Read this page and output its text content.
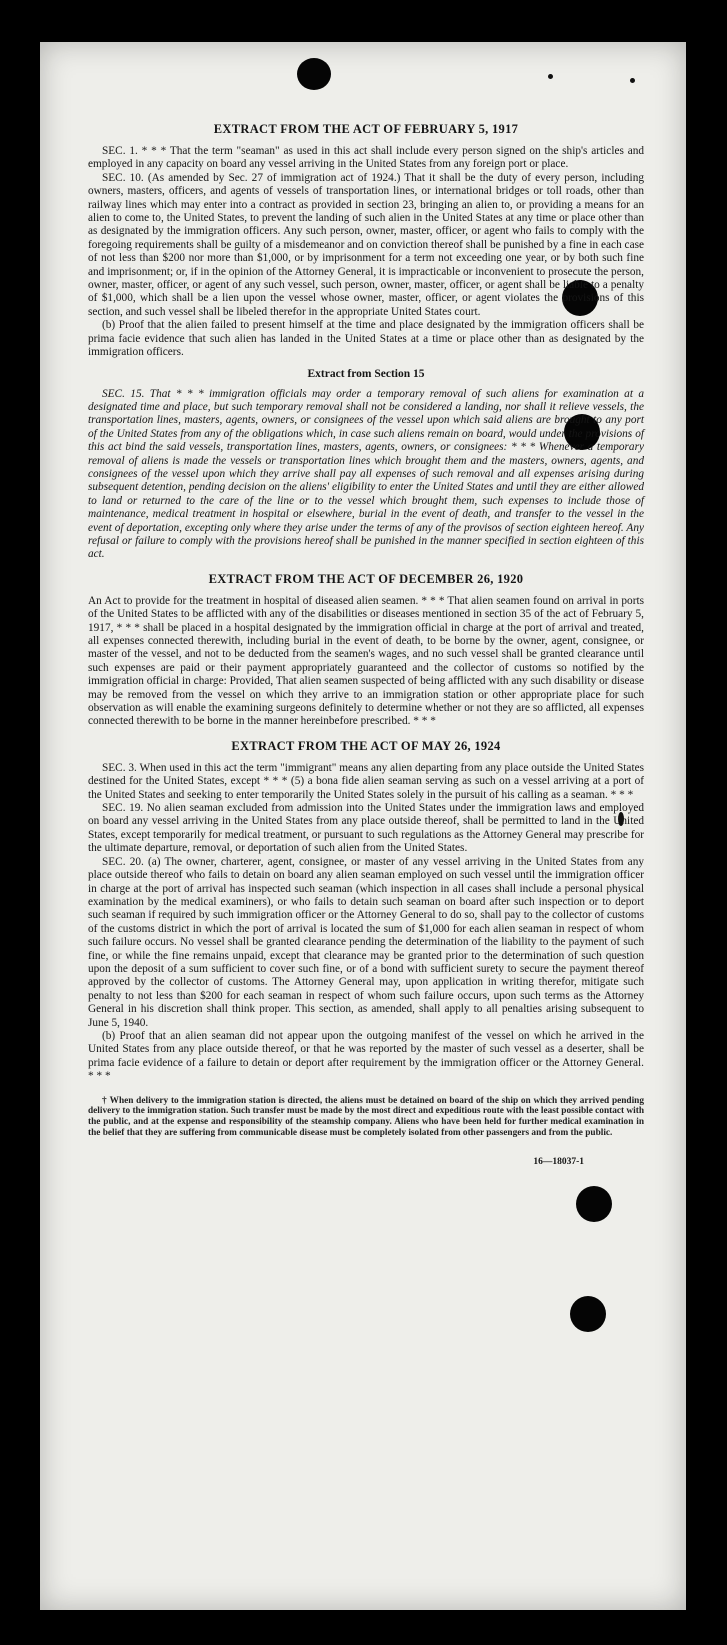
EXTRACT FROM THE ACT OF FEBRUARY 5, 1917

SEC. 1. * * * That the term "seaman" as used in this act shall include every person signed on the ship's articles and employed in any capacity on board any vessel arriving in the United States from any foreign port or place.

SEC. 10. (As amended by Sec. 27 of immigration act of 1924.) That it shall be the duty of every person, including owners, masters, officers, and agents of vessels of transportation lines, or international bridges or toll roads, other than railway lines which may enter into a contract as provided in section 23, bringing an alien to, or providing a means for an alien to come to, the United States, to prevent the landing of such alien in the United States at any time or place other than as designated by the immigration officers. Any such person, owner, master, officer, or agent who fails to comply with the foregoing requirements shall be guilty of a misdemeanor and on conviction thereof shall be punished by a fine in each case of not less than $200 nor more than $1,000, or by imprisonment for a term not exceeding one year, or by both such fine and imprisonment; or, if in the opinion of the Attorney General, it is impracticable or inconvenient to prosecute the person, owner, master, officer, or agent of any such vessel, such person, owner, master, officer, or agent shall be liable to a penalty of $1,000, which shall be a lien upon the vessel whose owner, master, officer, or agent violates the provisions of this section, and such vessel shall be libeled therefor in the appropriate United States court.

(b) Proof that the alien failed to present himself at the time and place designated by the immigration officers shall be prima facie evidence that such alien has landed in the United States at a time or place other than as designated by the immigration officers.

Extract from Section 15

SEC. 15. That * * * immigration officials may order a temporary removal of such aliens for examination at a designated time and place, but such temporary removal shall not be considered a landing, nor shall it relieve vessels, the transportation lines, masters, agents, owners, or consignees of the vessel upon which said aliens are brought to any port of the United States from any of the obligations which, in case such aliens remain on board, would under the provisions of this act bind the said vessels, transportation lines, masters, agents, owners, or consignees: * * * Whenever a temporary removal of aliens is made the vessels or transportation lines which brought them and the masters, owners, agents, and consignees of the vessel upon which they arrive shall pay all expenses of such removal and all expenses arising during subsequent detention, pending decision on the aliens' eligibility to enter the United States and until they are either allowed to land or returned to the care of the line or to the vessel which brought them, such expenses to include those of maintenance, medical treatment in hospital or elsewhere, burial in the event of death, and transfer to the vessel in the event of deportation, excepting only where they arise under the terms of any of the provisos of section eighteen hereof. Any refusal or failure to comply with the provisions hereof shall be punished in the manner specified in section eighteen of this act.

EXTRACT FROM THE ACT OF DECEMBER 26, 1920

An Act to provide for the treatment in hospital of diseased alien seamen. * * * That alien seamen found on arrival in ports of the United States to be afflicted with any of the disabilities or diseases mentioned in section 35 of the act of February 5, 1917, * * * shall be placed in a hospital designated by the immigration official in charge at the port of arrival and treated, all expenses connected therewith, including burial in the event of death, to be borne by the owner, agent, consignee, or master of the vessel, and not to be deducted from the seamen's wages, and no such vessel shall be granted clearance until such expenses are paid or their payment appropriately guaranteed and the collector of customs so notified by the immigration official in charge: Provided, That alien seamen suspected of being afflicted with any such disability or disease may be removed from the vessel on which they arrive to an immigration station or other appropriate place for such observation as will enable the examining surgeons definitely to determine whether or not they are so afflicted, all expenses connected therewith to be borne in the manner hereinbefore prescribed. * * *

EXTRACT FROM THE ACT OF MAY 26, 1924

SEC. 3. When used in this act the term "immigrant" means any alien departing from any place outside the United States destined for the United States, except * * * (5) a bona fide alien seaman serving as such on a vessel arriving at a port of the United States and seeking to enter temporarily the United States solely in the pursuit of his calling as a seaman. * * *

SEC. 19. No alien seaman excluded from admission into the United States under the immigration laws and employed on board any vessel arriving in the United States from any place outside thereof, shall be permitted to land in the United States, except temporarily for medical treatment, or pursuant to such regulations as the Attorney General may prescribe for the ultimate departure, removal, or deportation of such alien from the United States.

SEC. 20. (a) The owner, charterer, agent, consignee, or master of any vessel arriving in the United States from any place outside thereof who fails to detain on board any alien seaman employed on such vessel until the immigration officer in charge at the port of arrival has inspected such seaman (which inspection in all cases shall include a personal physical examination by the medical examiners), or who fails to detain such seaman on board after such inspection or to deport such seaman if required by such immigration officer or the Attorney General to do so, shall pay to the collector of customs of the customs district in which the port of arrival is located the sum of $1,000 for each alien seaman in respect of whom such failure occurs. No vessel shall be granted clearance pending the determination of the liability to the payment of such fine, or while the fine remains unpaid, except that clearance may be granted prior to the determination of such question upon the deposit of a sum sufficient to cover such fine, or of a bond with sufficient surety to secure the payment thereof approved by the collector of customs. The Attorney General may, upon application in writing therefor, mitigate such penalty to not less than $200 for each seaman in respect of whom such failure occurs, upon such terms as the Attorney General in his discretion shall think proper. This section, as amended, shall apply to all penalties arising subsequent to June 5, 1940.

(b) Proof that an alien seaman did not appear upon the outgoing manifest of the vessel on which he arrived in the United States from any place outside thereof, or that he was reported by the master of such vessel as a deserter, shall be prima facie evidence of a failure to detain or deport after requirement by the immigration officer or the Attorney General. * * *

† When delivery to the immigration station is directed, the aliens must be detained on board of the ship on which they arrived pending delivery to the immigration station. Such transfer must be made by the most direct and expeditious route with the least possible contact with the public, and at the expense and responsibility of the steamship company. Aliens who have been held for further medical examination in the belief that they are suffering from communicable disease must be completely isolated from other passengers and from the public.
16—18037-1
